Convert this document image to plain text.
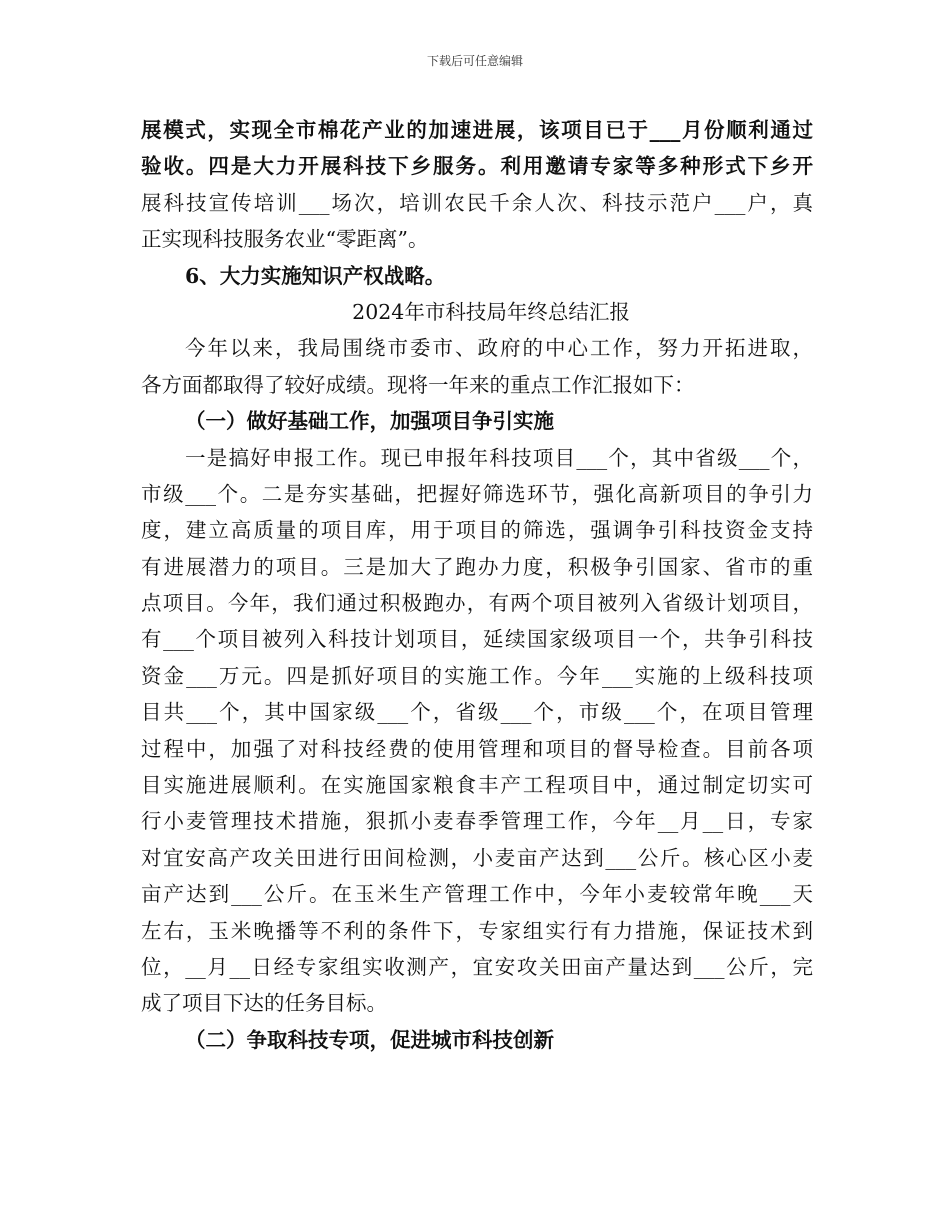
下载后可任意编辑
展模式，实现全市棉花产业的加速进展，该项目已于___月份顺利通过
验收。四是大力开展科技下乡服务。利用邀请专家等多种形式下乡开
展科技宣传培训___场次，培训农民千余人次、科技示范户___户，真
正实现科技服务农业“零距离”。
6、大力实施知识产权战略。
2024年市科技局年终总结汇报
今年以来，我局围绕市委市、政府的中心工作，努力开拓进取，
各方面都取得了较好成绩。现将一年来的重点工作汇报如下：
（一）做好基础工作，加强项目争引实施
一是搞好申报工作。现已申报年科技项目___个，其中省级___个，
市级___个。二是夯实基础，把握好筛选环节，强化高新项目的争引力
度，建立高质量的项目库，用于项目的筛选，强调争引科技资金支持
有进展潜力的项目。三是加大了跑办力度，积极争引国家、省市的重
点项目。今年，我们通过积极跑办，有两个项目被列入省级计划项目，
有___个项目被列入科技计划项目，延续国家级项目一个，共争引科技
资金___万元。四是抓好项目的实施工作。今年___实施的上级科技项
目共___个，其中国家级___个，省级___个，市级___个，在项目管理
过程中，加强了对科技经费的使用管理和项目的督导检查。目前各项
目实施进展顺利。在实施国家粮食丰产工程项目中，通过制定切实可
行小麦管理技术措施，狠抓小麦春季管理工作，今年__月__日，专家
对宜安高产攻关田进行田间检测，小麦亩产达到___公斤。核心区小麦
亩产达到___公斤。在玉米生产管理工作中，今年小麦较常年晚___天
左右，玉米晚播等不利的条件下，专家组实行有力措施，保证技术到
位，__月__日经专家组实收测产，宜安攻关田亩产量达到___公斤，完
成了项目下达的任务目标。
（二）争取科技专项，促进城市科技创新
